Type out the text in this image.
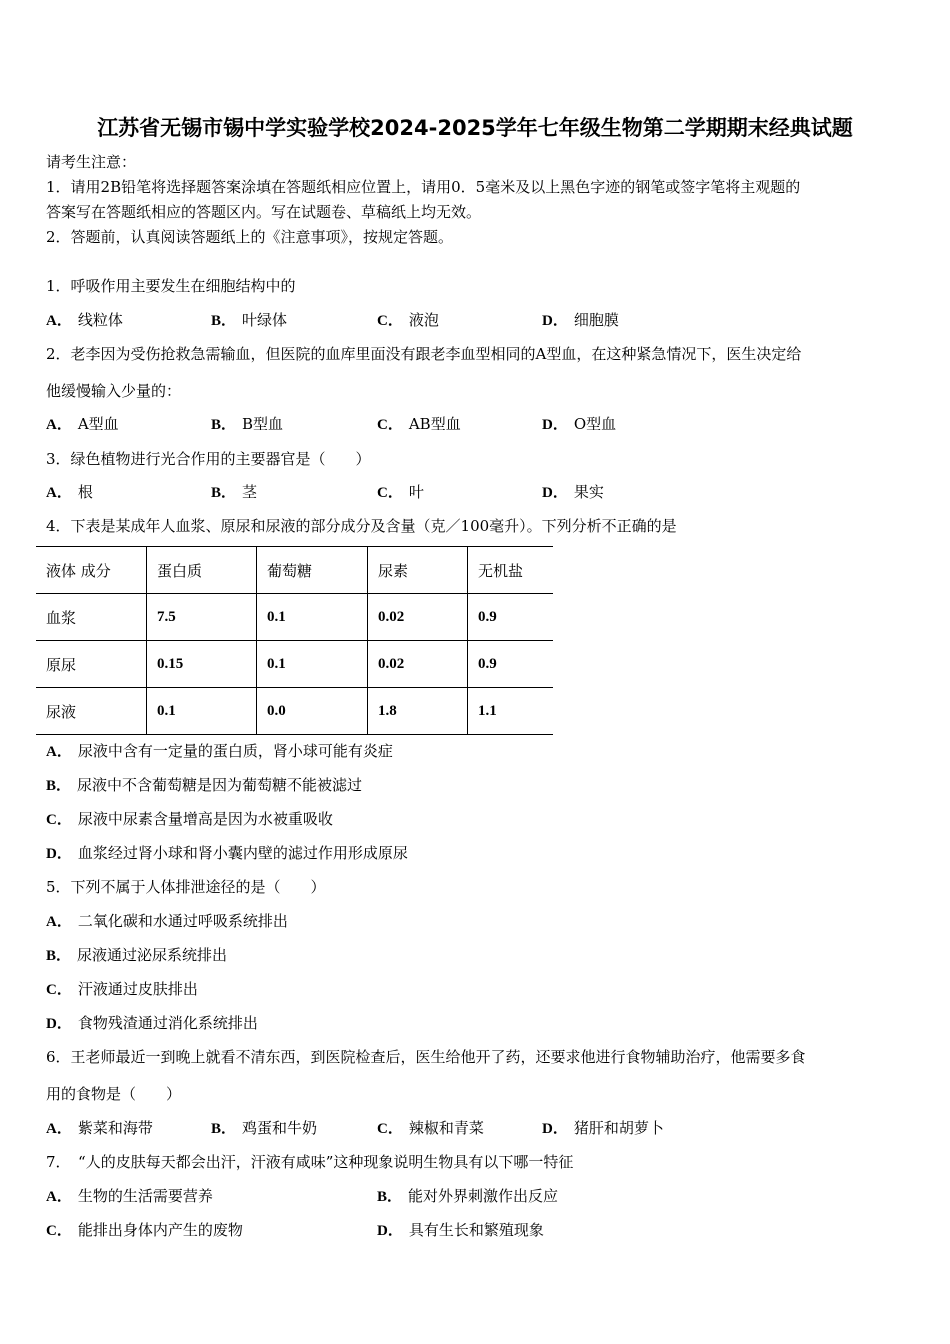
江苏省无锡市锡中学实验学校2024-2025学年七年级生物第二学期期末经典试题
请考生注意：
1．请用2B铅笔将选择题答案涂填在答题纸相应位置上，请用0．5毫米及以上黑色字迹的钢笔或签字笔将主观题的
答案写在答题纸相应的答题区内。写在试题卷、草稿纸上均无效。
2．答题前，认真阅读答题纸上的《注意事项》，按规定答题。
1．呼吸作用主要发生在细胞结构中的
A． 线粒体	B． 叶绿体	C． 液泡	D． 细胞膜
2．老李因为受伤抢救急需输血，但医院的血库里面没有跟老李血型相同的A型血，在这种紧急情况下，医生决定给
他缓慢输入少量的：
A． A型血	B． B型血	C． AB型血	D． O型血
3．绿色植物进行光合作用的主要器官是（　　）
A． 根	B． 茎	C． 叶	D． 果实
4．下表是某成年人血浆、原尿和尿液的部分成分及含量（克／100毫升）。下列分析不正确的是
液体 成分	蛋白质	葡萄糖	尿素	无机盐
血浆	7.5	0.1	0.02	0.9
原尿	0.15	0.1	0.02	0.9
尿液	0.1	0.0	1.8	1.1
A． 尿液中含有一定量的蛋白质，肾小球可能有炎症
B． 尿液中不含葡萄糖是因为葡萄糖不能被滤过
C． 尿液中尿素含量增高是因为水被重吸收
D． 血浆经过肾小球和肾小囊内壁的滤过作用形成原尿
5．下列不属于人体排泄途径的是（　　）
A． 二氧化碳和水通过呼吸系统排出
B． 尿液通过泌尿系统排出
C． 汗液通过皮肤排出
D． 食物残渣通过消化系统排出
6．王老师最近一到晚上就看不清东西，到医院检查后，医生给他开了药，还要求他进行食物辅助治疗，他需要多食
用的食物是（　　）
A． 紫菜和海带	B． 鸡蛋和牛奶	C． 辣椒和青菜	D． 猪肝和胡萝卜
7．　“人的皮肤每天都会出汗，汗液有咸味”这种现象说明生物具有以下哪一特征
A． 生物的生活需要营养	B． 能对外界刺激作出反应
C． 能排出身体内产生的废物	D． 具有生长和繁殖现象
